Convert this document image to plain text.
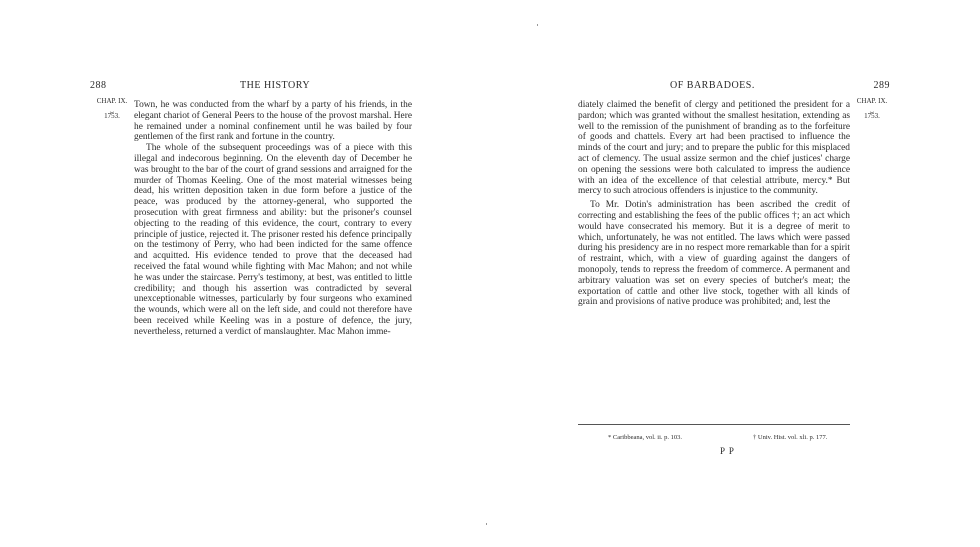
288	THE HISTORY
CHAP. IX.
⏟
1753.

Town, he was conducted from the wharf by a party of his friends, in the elegant chariot of General Peers to the house of the provost marshal. Here he remained under a nominal confinement until he was bailed by four gentlemen of the first rank and fortune in the country.

The whole of the subsequent proceedings was of a piece with this illegal and indecorous beginning. On the eleventh day of December he was brought to the bar of the court of grand sessions and arraigned for the murder of Thomas Keeling. One of the most material witnesses being dead, his written deposition taken in due form before a justice of the peace, was produced by the attorney-general, who supported the prosecution with great firmness and ability: but the prisoner's counsel objecting to the reading of this evidence, the court, contrary to every principle of justice, rejected it. The prisoner rested his defence principally on the testimony of Perry, who had been indicted for the same offence and acquitted. His evidence tended to prove that the deceased had received the fatal wound while fighting with Mac Mahon; and not while he was under the staircase. Perry's testimony, at best, was entitled to little credibility; and though his assertion was contradicted by several unexceptionable witnesses, particularly by four surgeons who examined the wounds, which were all on the left side, and could not therefore have been received while Keeling was in a posture of defence, the jury, nevertheless, returned a verdict of manslaughter. Mac Mahon imme-

OF BARBADOES.	289
CHAP. IX.
⏟
1753.

diately claimed the benefit of clergy and petitioned the president for a pardon; which was granted without the smallest hesitation, extending as well to the remission of the punishment of branding as to the forfeiture of goods and chattels. Every art had been practised to influence the minds of the court and jury; and to prepare the public for this misplaced act of clemency. The usual assize sermon and the chief justices' charge on opening the sessions were both calculated to impress the audience with an idea of the excellence of that celestial attribute, mercy.* But mercy to such atrocious offenders is injustice to the community.

To Mr. Dotin's administration has been ascribed the credit of correcting and establishing the fees of the public offices †; an act which would have consecrated his memory. But it is a degree of merit to which, unfortunately, he was not entitled. The laws which were passed during his presidency are in no respect more remarkable than for a spirit of restraint, which, with a view of guarding against the dangers of monopoly, tends to repress the freedom of commerce. A permanent and arbitrary valuation was set on every species of butcher's meat; the exportation of cattle and other live stock, together with all kinds of grain and provisions of native produce was prohibited; and, lest the

* Caribbeana, vol. ii. p. 103.	† Univ. Hist. vol. xli. p. 177.
P P
